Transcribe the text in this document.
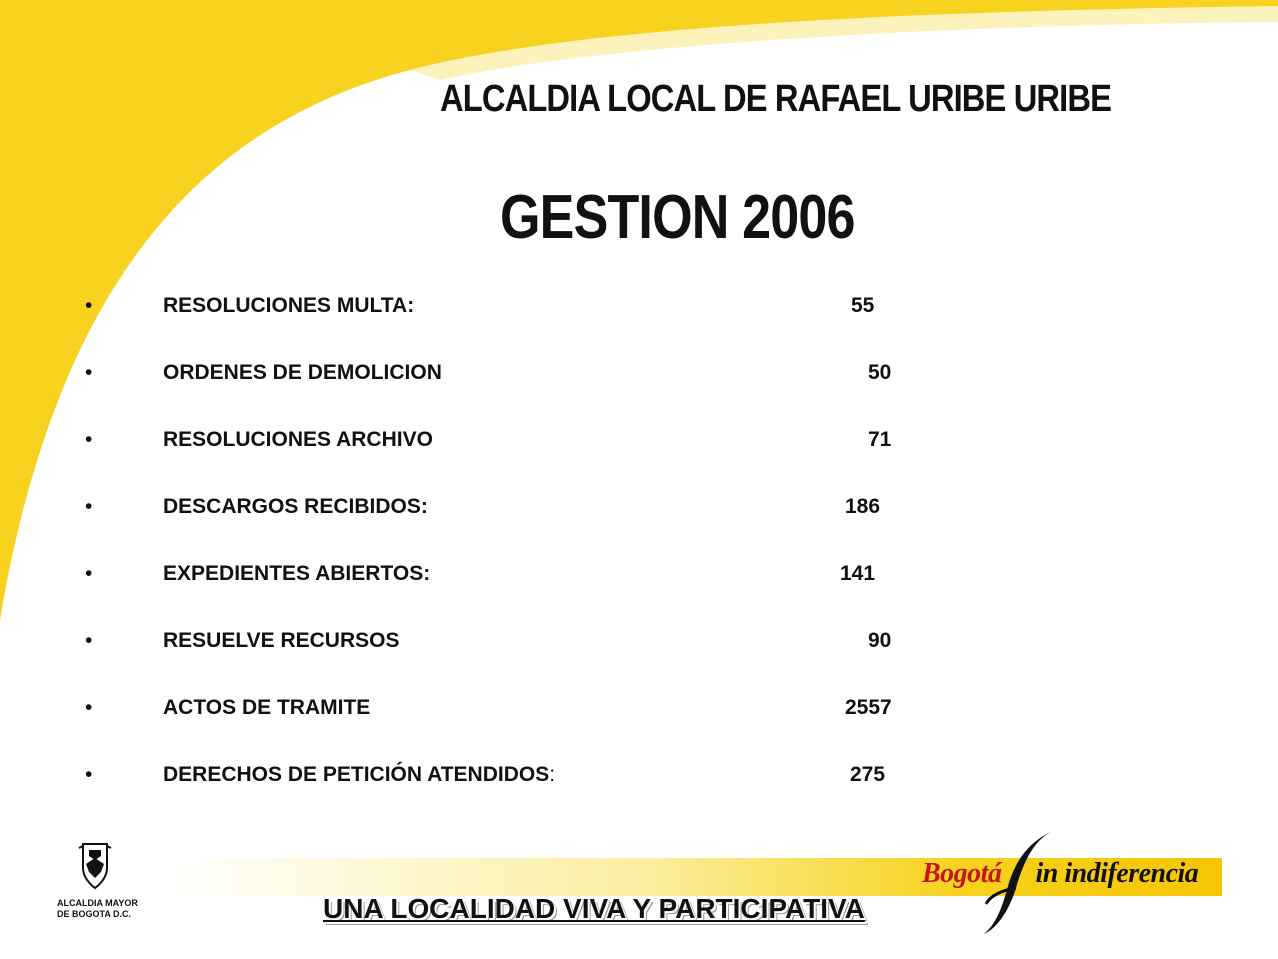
ALCALDIA LOCAL DE RAFAEL URIBE URIBE
GESTION 2006
•	RESOLUCIONES MULTA:	55
•	ORDENES DE DEMOLICION	50
•	RESOLUCIONES ARCHIVO	71
•	DESCARGOS RECIBIDOS:	186
•	EXPEDIENTES ABIERTOS:	141
•	RESUELVE RECURSOS	90
•	ACTOS DE TRAMITE	2557
•	DERECHOS DE PETICIÓN ATENDIDOS:	275
ALCALDIA MAYOR
DE BOGOTA D.C.	UNA LOCALIDAD VIVA Y PARTICIPATIVA
Bogotá in indiferencia
